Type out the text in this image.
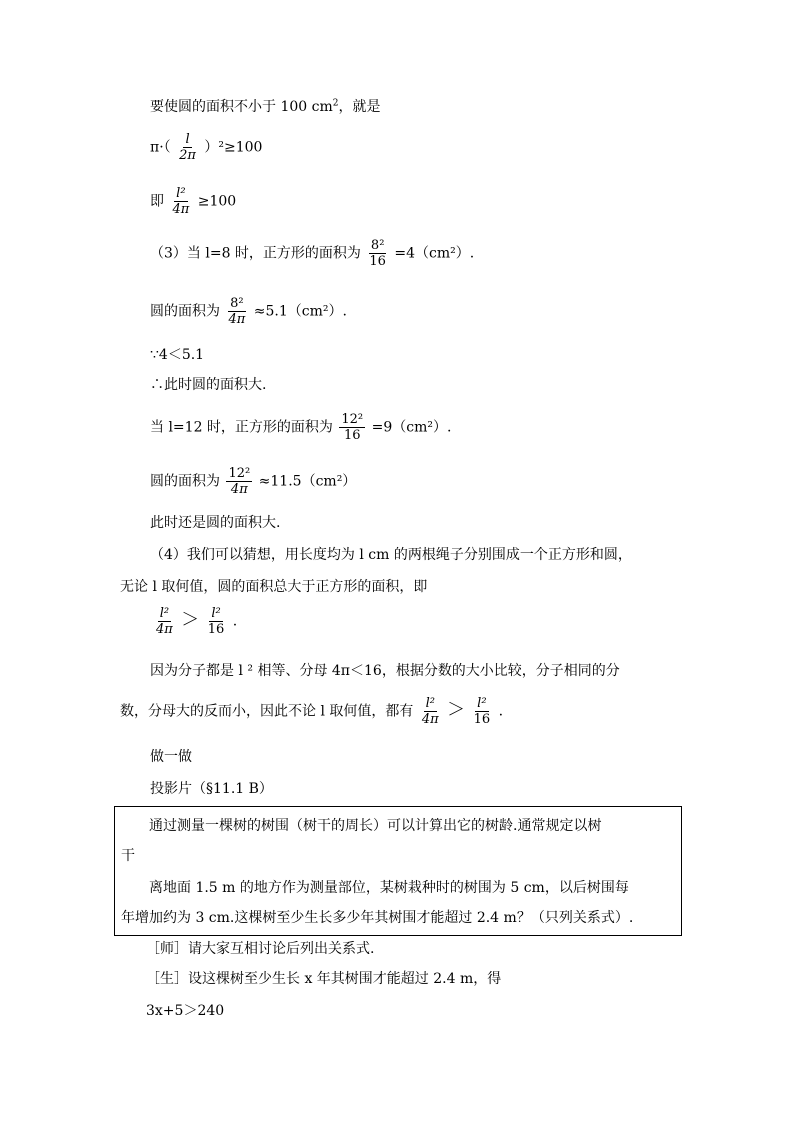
要使圆的面积不小于 100 $cm^2$，就是
$\pi\cdot( \frac{l}{2\pi} )^2\ge 100$
即 $\frac{\text{l²}}{4\pi} \ge 100$
（3）当 l=8 时，正方形的面积为 $\frac{\text{8²}}{16} =4(cm^2)$.
圆的面积为 $\frac{\text{8²}}{4\pi} \approx 5.1(cm^2)$.
∵4＜5.1
∴此时圆的面积大.
当 l=12 时，正方形的面积为 $\frac{\text{12²}}{16} =9(cm^2)$.
圆的面积为 $\frac{\text{12²}}{4\pi} \approx 11.5(cm^2)$
此时还是圆的面积大.
（4）我们可以猜想，用长度均为 l cm 的两根绳子分别围成一个正方形和圆，
无论 l 取何值，圆的面积总大于正方形的面积，即
$\frac{\text{l²}}{4\pi} > \frac{\text{l²}}{16}$ .
因为分子都是 l ² 相等、分母 4π＜16，根据分数的大小比较，分子相同的分
数，分母大的反而小，因此不论 l 取何值，都有 $\frac{\text{l²}}{4\pi} > \frac{\text{l²}}{16}$ .
做一做
投影片（§11.1 B）
通过测量一棵树的树围（树干的周长）可以计算出它的树龄.通常规定以树
干
离地面 1.5 m 的地方作为测量部位，某树栽种时的树围为 5 cm，以后树围每
年增加约为 3 cm.这棵树至少生长多少年其树围才能超过 2.4 m？（只列关系式）.
［师］请大家互相讨论后列出关系式.
［生］设这棵树至少生长 x 年其树围才能超过 2.4 m，得
3x+5＞240
